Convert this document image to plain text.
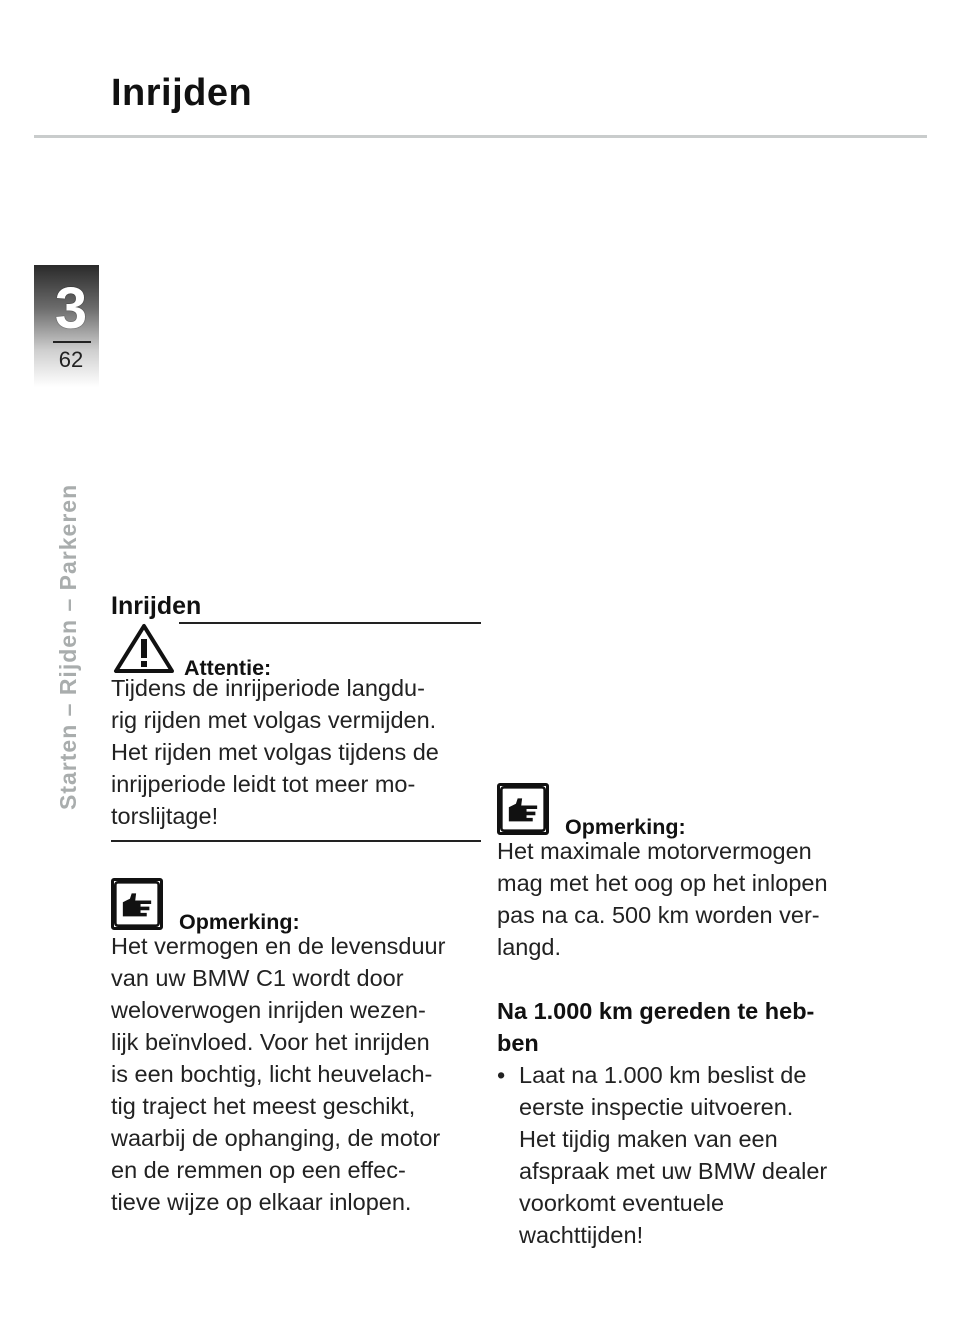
Inrijden
3
62
Starten – Rijden – Parkeren Inrijden

Attentie:

Tijdens de inrijperiode langdu-

rig rijden met volgas vermijden.

Het rijden met volgas tijdens de

inrijperiode leidt tot meer mo-

torslijtage!

Opmerking:

Het vermogen en de levensduur

van uw BMW C1 wordt door

weloverwogen inrijden wezen-

lijk beïnvloed. Voor het inrijden

is een bochtig, licht heuvelach-

tig traject het meest geschikt,

waarbij de ophanging, de motor

en de remmen op een effec-

tieve wijze op elkaar inlopen.

Opmerking:

Het maximale motorvermogen

mag met het oog op het inlopen

pas na ca. 500 km worden ver-

langd.

Na 1.000 km gereden te heb-

ben

• Laat na 1.000 km beslist de

eerste inspectie uitvoeren.

Het tijdig maken van een

afspraak met uw BMW dealer

voorkomt eventuele

wachttijden!
